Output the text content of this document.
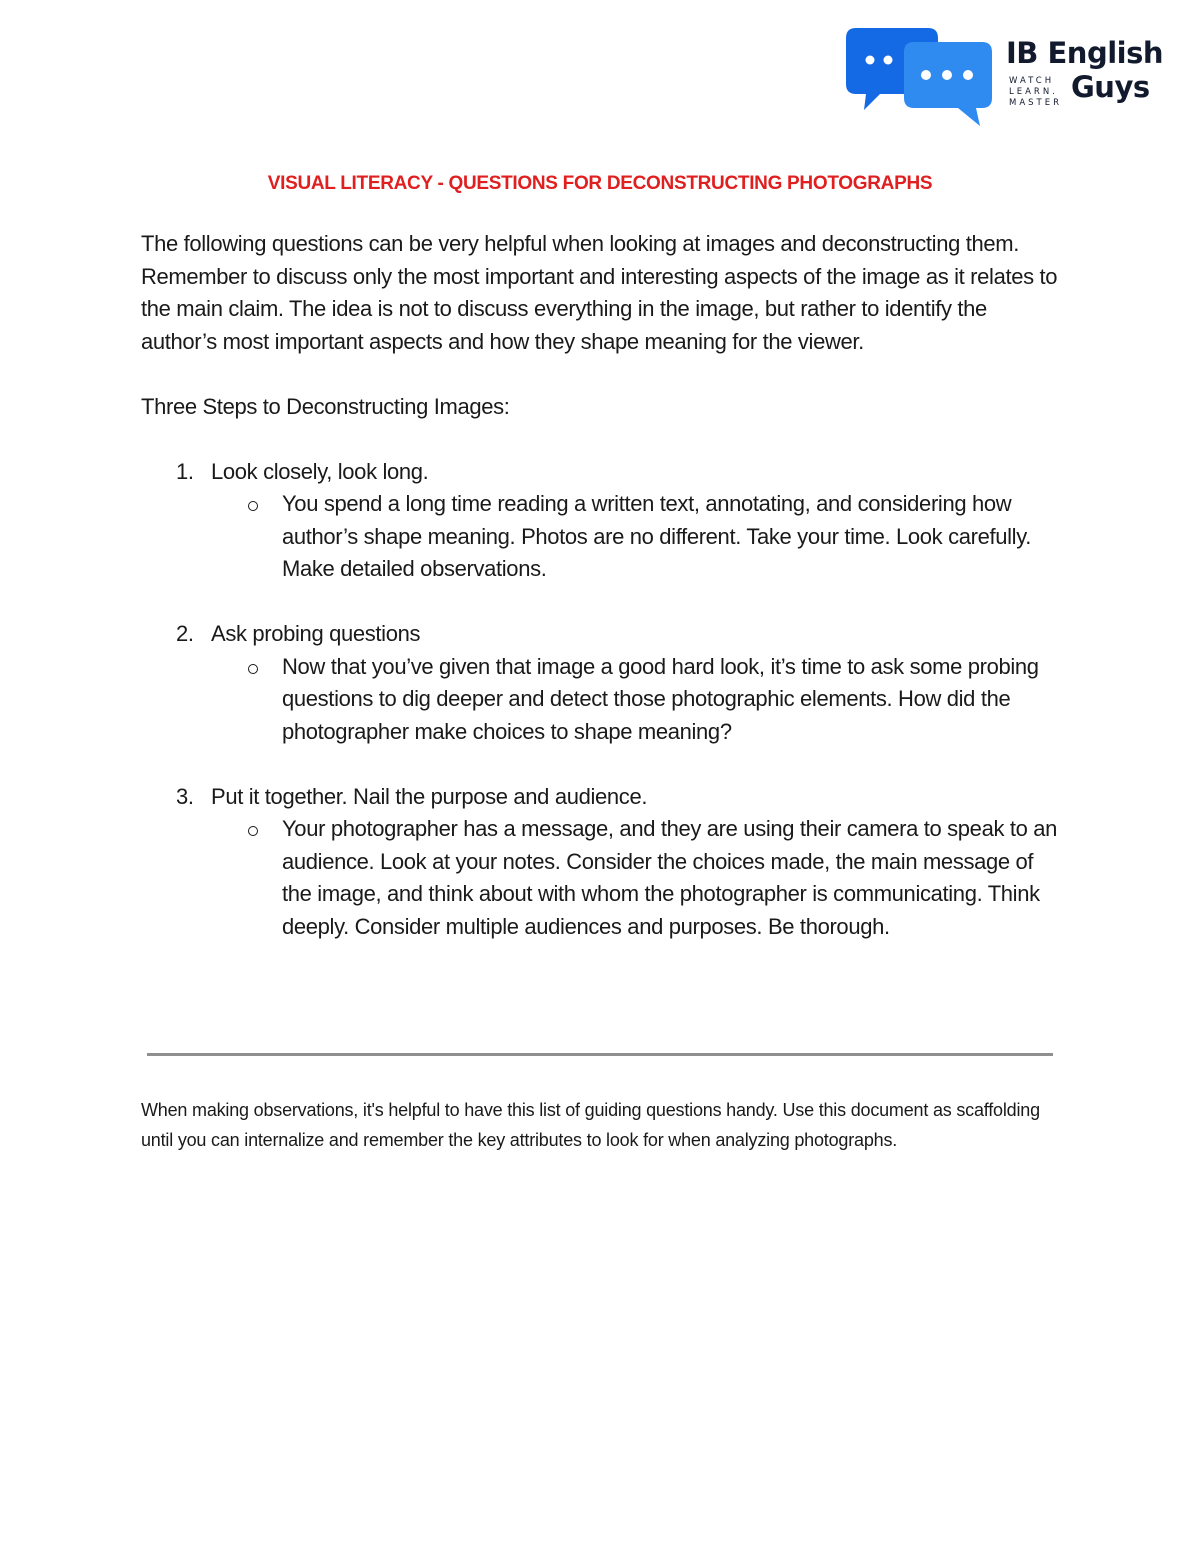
IB English
WATCH
LEARN.
MASTER Guys
VISUAL LITERACY - QUESTIONS FOR DECONSTRUCTING PHOTOGRAPHS

The following questions can be very helpful when looking at images and deconstructing them. Remember to discuss only the most important and interesting aspects of the image as it relates to the main claim. The idea is not to discuss everything in the image, but rather to identify the author’s most important aspects and how they shape meaning for the viewer.

Three Steps to Deconstructing Images:

1. Look closely, look long.
You spend a long time reading a written text, annotating, and considering how author’s shape meaning. Photos are no different. Take your time. Look carefully. Make detailed observations.
2. Ask probing questions
Now that you’ve given that image a good hard look, it’s time to ask some probing questions to dig deeper and detect those photographic elements. How did the photographer make choices to shape meaning?
3. Put it together. Nail the purpose and audience.
Your photographer has a message, and they are using their camera to speak to an audience. Look at your notes. Consider the choices made, the main message of the image, and think about with whom the photographer is communicating. Think deeply. Consider multiple audiences and purposes. Be thorough.

When making observations, it's helpful to have this list of guiding questions handy. Use this document as scaffolding until you can internalize and remember the key attributes to look for when analyzing photographs.
